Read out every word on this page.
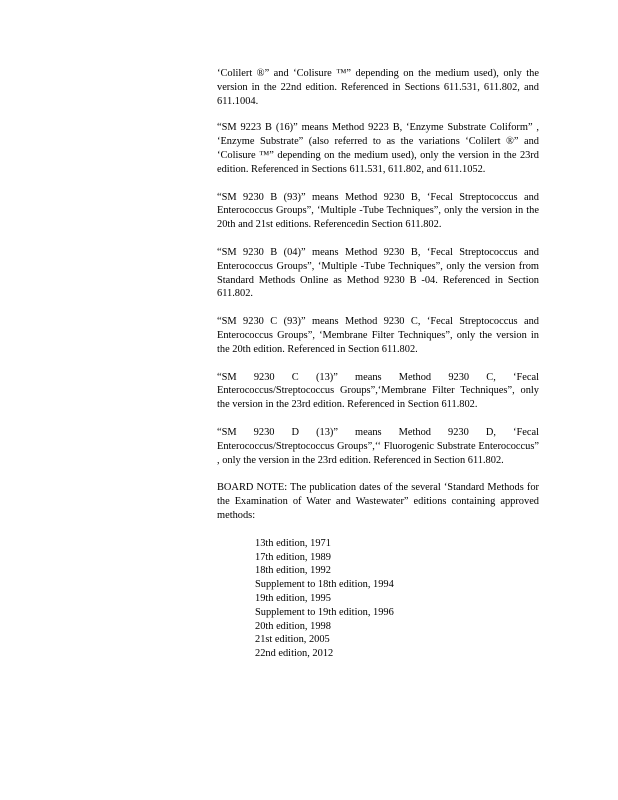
‘Colilert ®” and ‘Colisure ™” depending on the medium used), only the version in the 22nd edition. Referenced in Sections 611.531, 611.802, and 611.1004.

“SM 9223 B (16)” means Method 9223 B, ‘Enzyme Substrate Coliform” , ‘Enzyme Substrate” (also referred to as the variations ‘Colilert ®” and ‘Colisure ™” depending on the medium used), only the version in the 23rd edition. Referenced in Sections 611.531, 611.802, and 611.1052.

“SM 9230 B (93)” means Method 9230 B, ‘Fecal Streptococcus and Enterococcus Groups”, ‘Multiple -Tube Techniques”, only the version in the 20th and 21st editions. Referencedin Section 611.802.

“SM 9230 B (04)” means Method 9230 B, ‘Fecal Streptococcus and Enterococcus Groups”, ‘Multiple -Tube Techniques”, only the version from Standard Methods Online as Method 9230 B -04. Referenced in Section 611.802.

“SM 9230 C (93)” means Method 9230 C, ‘Fecal Streptococcus and Enterococcus Groups”, ‘Membrane Filter Techniques”, only the version in the 20th edition. Referenced in Section 611.802.

“SM 9230 C (13)” means Method 9230 C, ‘Fecal Enterococcus/Streptococcus Groups”,‘Membrane Filter Techniques”, only the version in the 23rd edition. Referenced in Section 611.802.

“SM 9230 D (13)” means Method 9230 D, ‘Fecal Enterococcus/Streptococcus Groups”,‘‘ Fluorogenic Substrate Enterococcus” , only the version in the 23rd edition. Referenced in Section 611.802.

BOARD NOTE: The publication dates of the several ‘Standard Methods for the Examination of Water and Wastewater” editions containing approved methods:

13th edition, 1971
17th edition, 1989
18th edition, 1992
Supplement to 18th edition, 1994
19th edition, 1995
Supplement to 19th edition, 1996
20th edition, 1998
21st edition, 2005
22nd edition, 2012
